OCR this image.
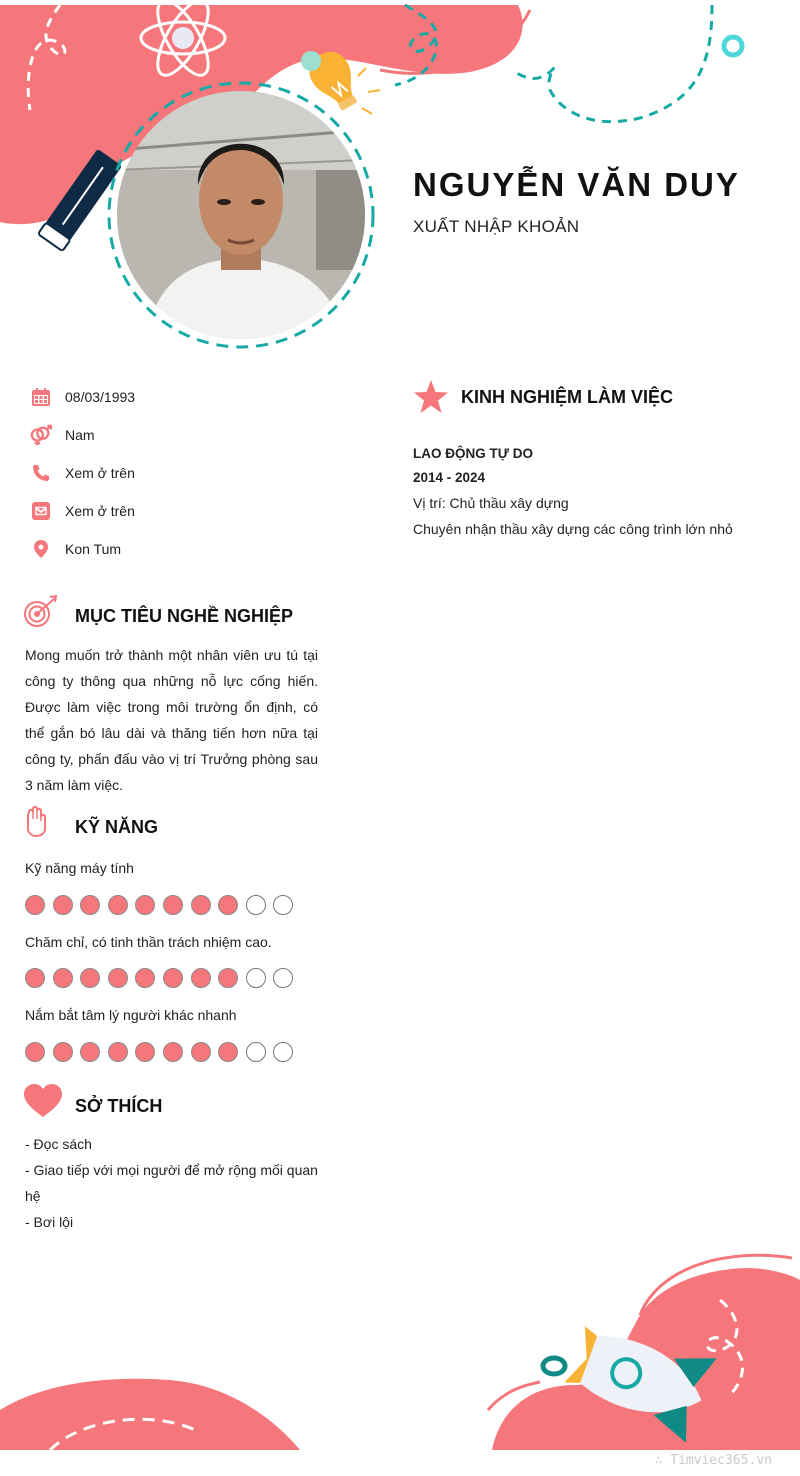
NGUYỄN VĂN DUY
XUẤT NHẬP KHOẢN
08/03/1993
Nam
Xem ở trên
Xem ở trên
Kon Tum
MỤC TIÊU NGHỀ NGHIỆP
Mong muốn trở thành một nhân viên ưu tú tại công ty thông qua những nỗ lực cống hiến. Được làm việc trong môi trường ổn định, có thể gắn bó lâu dài và thăng tiến hơn nữa tại công ty, phấn đấu vào vị trí Trưởng phòng sau 3 năm làm việc.
KỸ NĂNG
Kỹ năng máy tính
Chăm chỉ, có tinh thần trách nhiệm cao.
Nắm bắt tâm lý người khác nhanh
SỞ THÍCH
- Đọc sách
- Giao tiếp với mọi người để mở rộng mối quan hệ
- Bơi lội
KINH NGHIỆM LÀM VIỆC
LAO ĐỘNG TỰ DO
2014 - 2024
Vị trí: Chủ thầu xây dựng
Chuyên nhận thầu xây dựng các công trình lớn nhỏ
∴ Timviec365.vn
